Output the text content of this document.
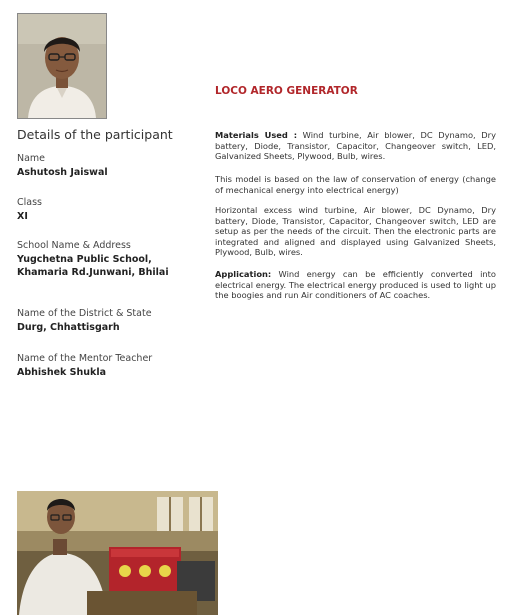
Details of the participant

Name

Ashutosh Jaiswal

Class

XI

School Name & Address

Yugchetna Public School,

Khamaria Rd.Junwani, Bhilai

Name of the District & State

Durg, Chhattisgarh

Name of the Mentor Teacher

Abhishek Shukla

LOCO AERO GENERATOR

Materials Used : Wind turbine, Air blower, DC Dynamo, Dry battery, Diode, Transistor, Capacitor, Changeover switch, LED, Galvanized Sheets, Plywood, Bulb, wires.

This model is based on the law of conservation of energy (change of mechanical energy into electrical energy)

Horizontal excess wind turbine, Air blower, DC Dynamo, Dry battery, Diode, Transistor, Capacitor, Changeover switch, LED are setup as per the needs of the circuit. Then the electronic parts are integrated and aligned and displayed using Galvanized Sheets, Plywood, Bulb, wires.

Application: Wind energy can be efficiently converted into electrical energy. The electrical energy produced is used to light up the boogies and run Air conditioners of AC coaches.
